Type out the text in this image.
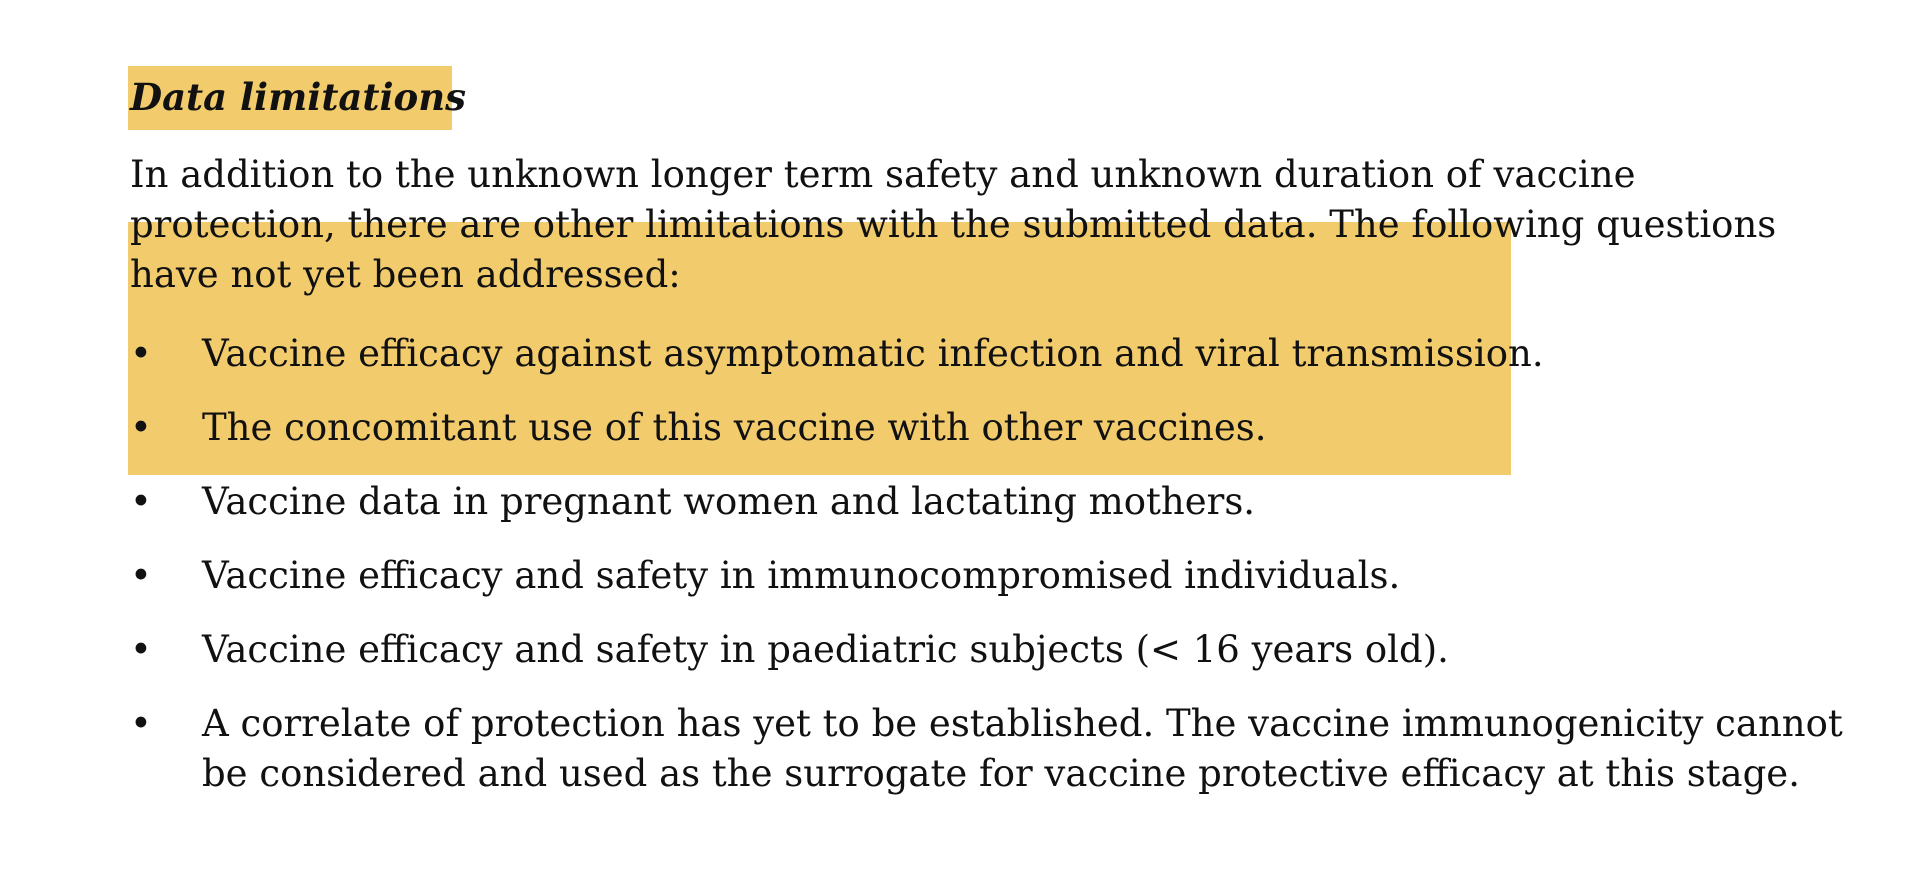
Data limitations
In addition to the unknown longer term safety and unknown duration of vaccine
protection, there are other limitations with the submitted data. The following questions
have not yet been addressed:
• Vaccine efficacy against asymptomatic infection and viral transmission.
• The concomitant use of this vaccine with other vaccines.
• Vaccine data in pregnant women and lactating mothers.
• Vaccine efficacy and safety in immunocompromised individuals.
• Vaccine efficacy and safety in paediatric subjects (< 16 years old).
• A correlate of protection has yet to be established. The vaccine immunogenicity cannot
be considered and used as the surrogate for vaccine protective efficacy at this stage.
